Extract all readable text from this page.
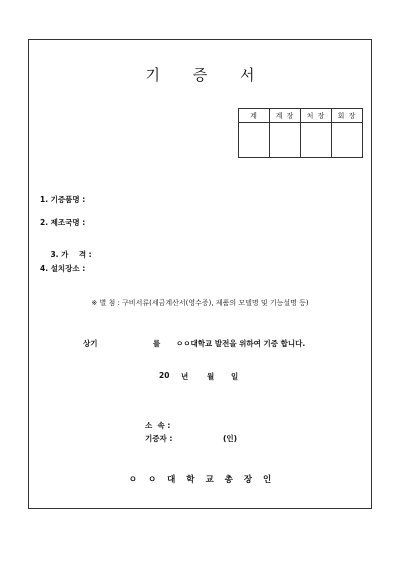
기 증 서
계	계 장	처 장	회 장

1. 기증품명 :
2. 제조국명 :

3. 가    격 :

4. 설치장소 :
※ 별 첨 : 구비서류(세금계산서(영수증), 제품의 모델명 및 기능설명 등)
상기	를 ㅇㅇ대학교 발전을 위하여 기증 합니다.
20 년	월 일
소  속 :
기증자 :	(인)
ㅇ ㅇ 대 학 교 총 장 인
